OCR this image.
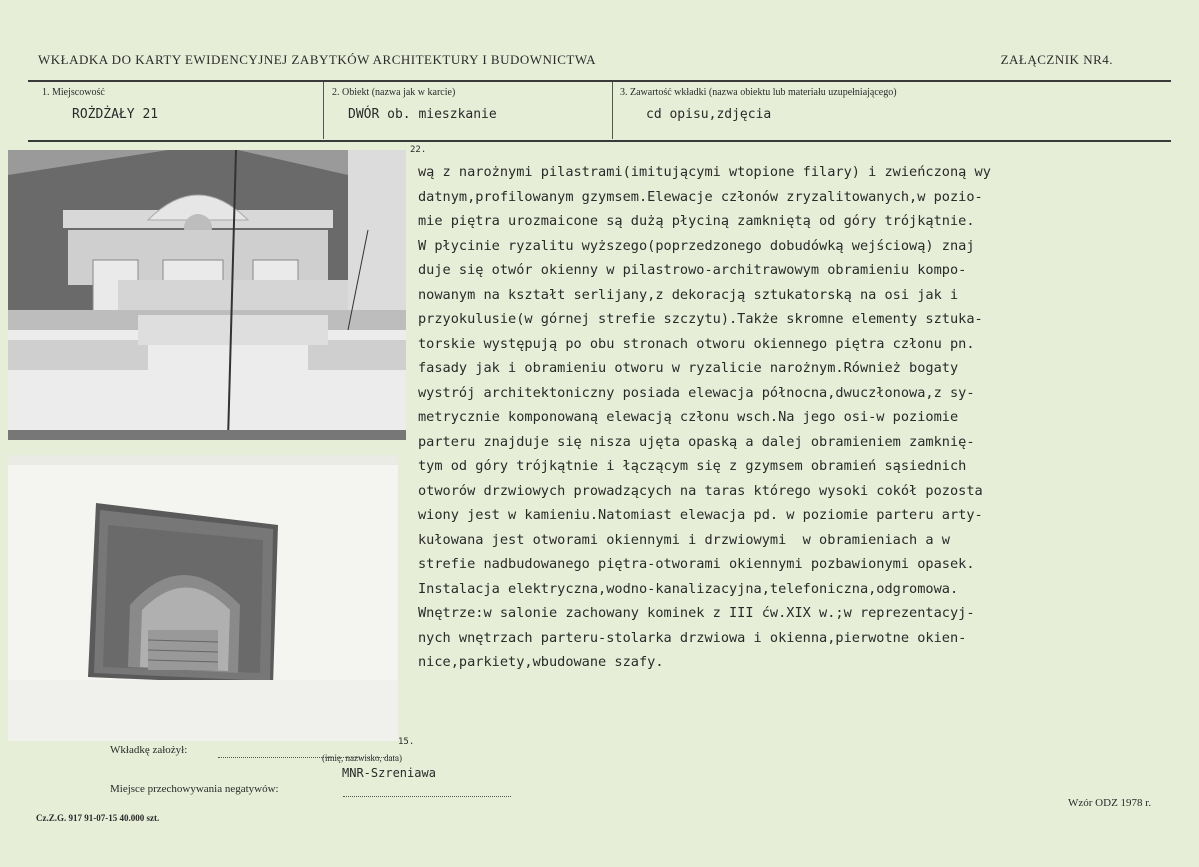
WKŁADKA DO KARTY EWIDENCYJNEJ ZABYTKÓW ARCHITEKTURY I BUDOWNICTWA	ZAŁĄCZNIK NR4.
1. Miejscowość
ROŻDŻAŁY 21
2. Obiekt (nazwa jak w karcie)
DWÓR ob. mieszkanie
3. Zawartość wkładki (nazwa obiektu lub materiału uzupełniającego)
cd opisu,zdjęcia
22.
wą z narożnymi pilastrami(imitującymi wtopione filary) i zwieńczoną wy
datnym,profilowanym gzymsem.Elewacje członów zryzalitowanych,w pozio-
mie piętra urozmaicone są dużą płyciną zamkniętą od góry trójkątnie.
W płycinie ryzalitu wyższego(poprzedzonego dobudówką wejściową) znaj
duje się otwór okienny w pilastrowo-architrawowym obramieniu kompo-
nowanym na kształt serlijany,z dekoracją sztukatorską na osi jak i
przyokulusie(w górnej strefie szczytu).Także skromne elementy sztuka-
torskie występują po obu stronach otworu okiennego piętra członu pn.
fasady jak i obramieniu otworu w ryzalicie narożnym.Również bogaty
wystrój architektoniczny posiada elewacja północna,dwuczłonowa,z sy-
metrycznie komponowaną elewacją członu wsch.Na jego osi-w poziomie
parteru znajduje się nisza ujęta opaską a dalej obramieniem zamknię-
tym od góry trójkątnie i łączącym się z gzymsem obramień sąsiednich
otworów drzwiowych prowadzących na taras którego wysoki cokół pozosta
wiony jest w kamieniu.Natomiast elewacja pd. w poziomie parteru arty-
kułowana jest otworami okiennymi i drzwiowymi  w obramieniach a w
strefie nadbudowanego piętra-otworami okiennymi pozbawionymi opasek.
Instalacja elektryczna,wodno-kanalizacyjna,telefoniczna,odgromowa.
Wnętrze:w salonie zachowany kominek z III ćw.XIX w.;w reprezentacyj-
nych wnętrzach parteru-stolarka drzwiowa i okienna,pierwotne okien-
nice,parkiety,wbudowane szafy.
Wkładkę założył:
15.
(imię, nazwisko, data)
MNR-Szreniawa
Miejsce przechowywania negatywów:
Cz.Z.G. 917 91-07-15 40.000 szt.
Wzór ODZ 1978 r.
